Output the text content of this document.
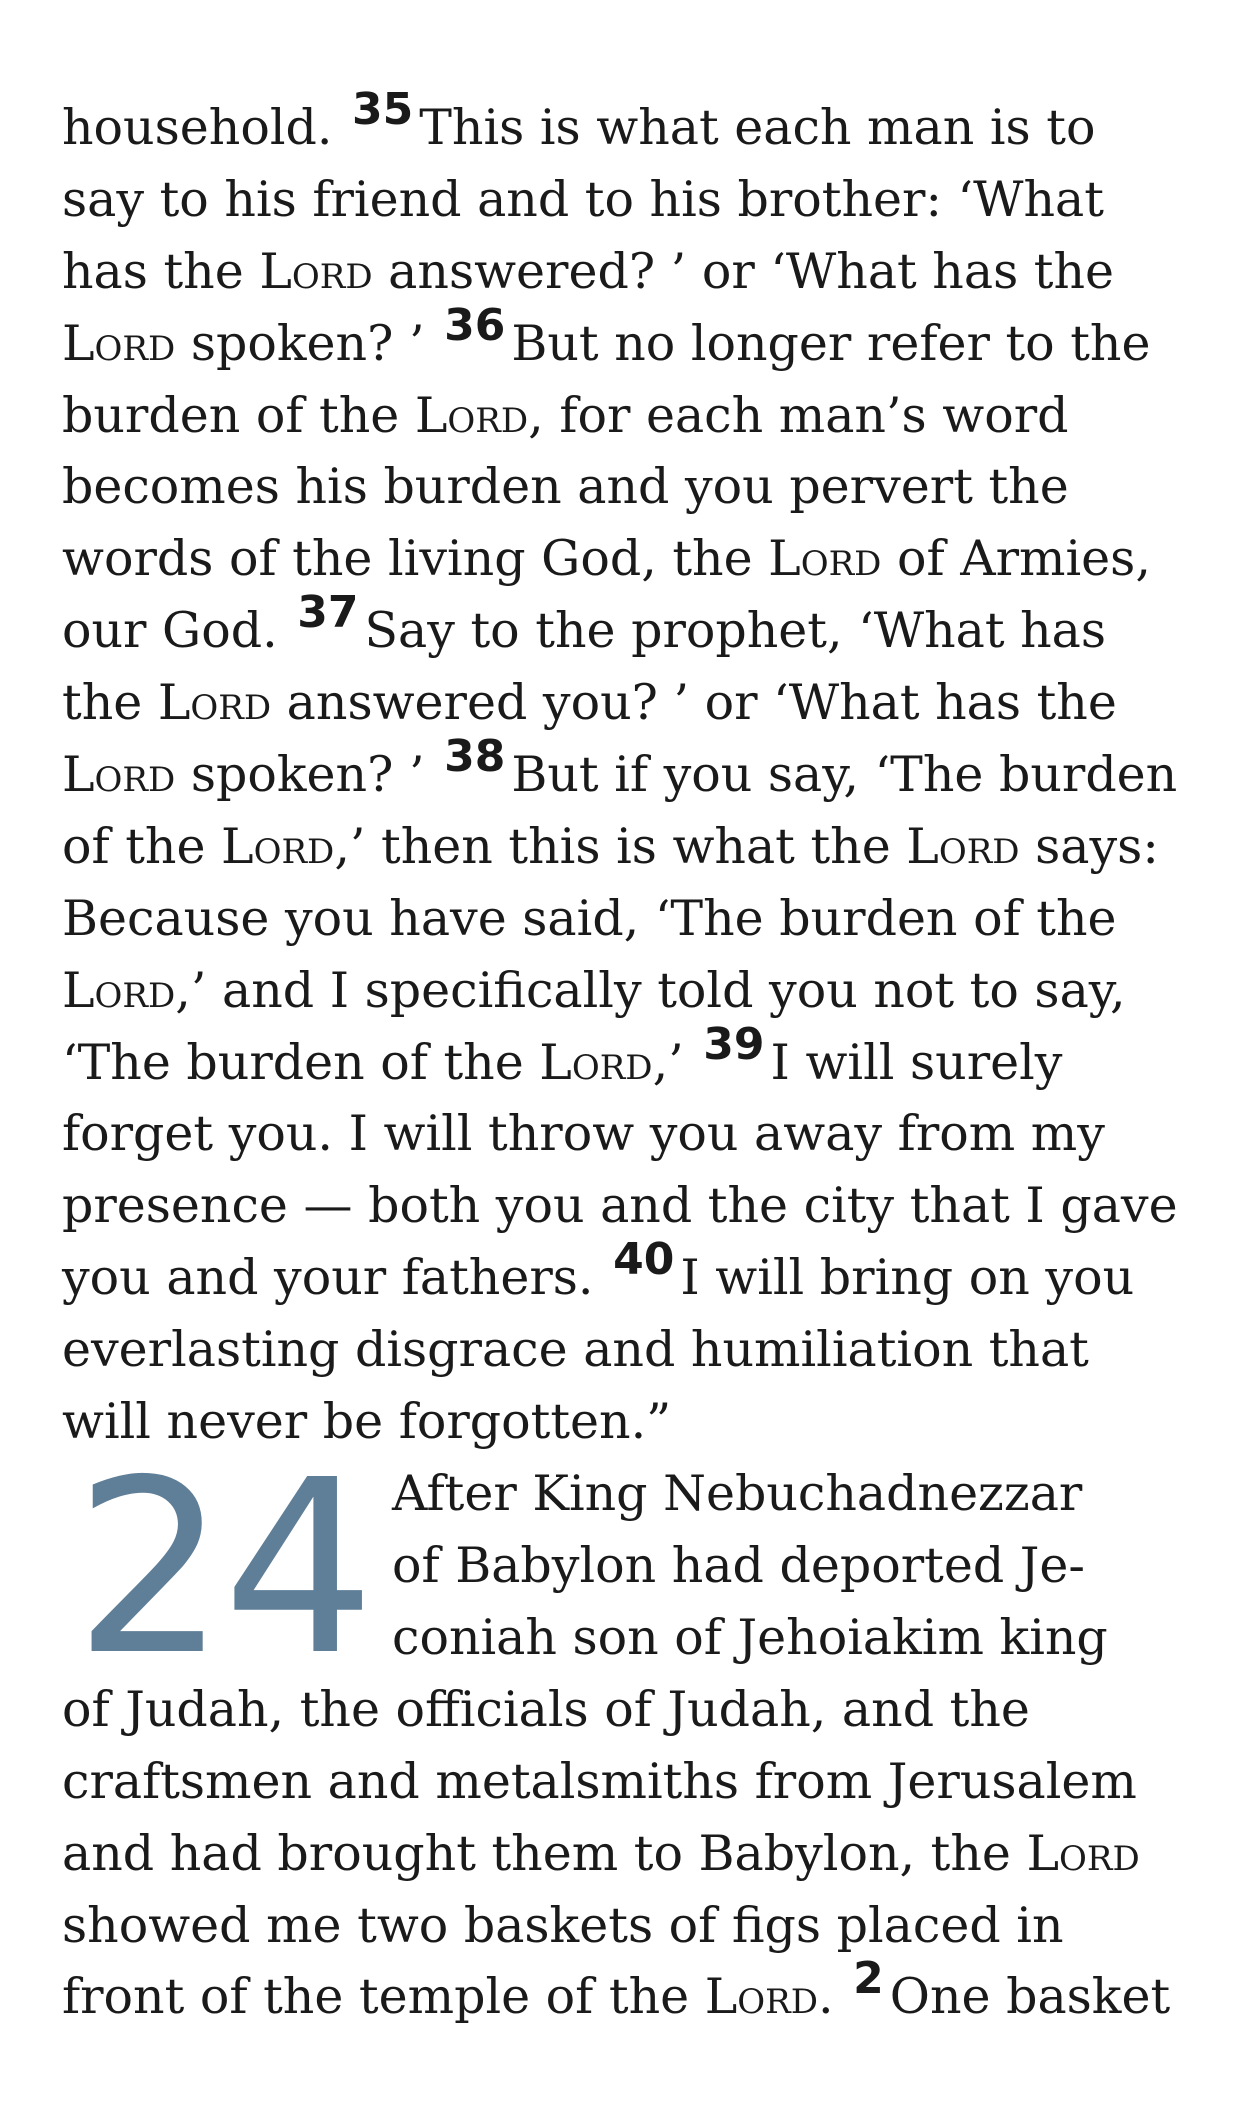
household. 35 This is what each man is to
say to his friend and to his brother: ‘What
has the Lord answered? ’ or ‘What has the
Lord spoken? ’ 36 But no longer refer to the
burden of the Lord, for each man’s word
becomes his burden and you pervert the
words of the living God, the Lord of Armies,
our God. 37 Say to the prophet, ‘What has
the Lord answered you? ’ or ‘What has the
Lord spoken? ’ 38 But if you say, ‘The burden
of the Lord,’ then this is what the Lord says:
Because you have said, ‘The burden of the
Lord,’ and I specifically told you not to say,
‘The burden of the Lord,’ 39 I will surely
forget you. I will throw you away from my
presence — both you and the city that I gave
you and your fathers. 40 I will bring on you
everlasting disgrace and humiliation that
will never be forgotten.”
24 After King Nebuchadnezzar
of Babylon had deported Je-
coniah son of Jehoiakim king
of Judah, the officials of Judah, and the
craftsmen and metalsmiths from Jerusalem
and had brought them to Babylon, the Lord
showed me two baskets of figs placed in
front of the temple of the Lord. 2 One basket
